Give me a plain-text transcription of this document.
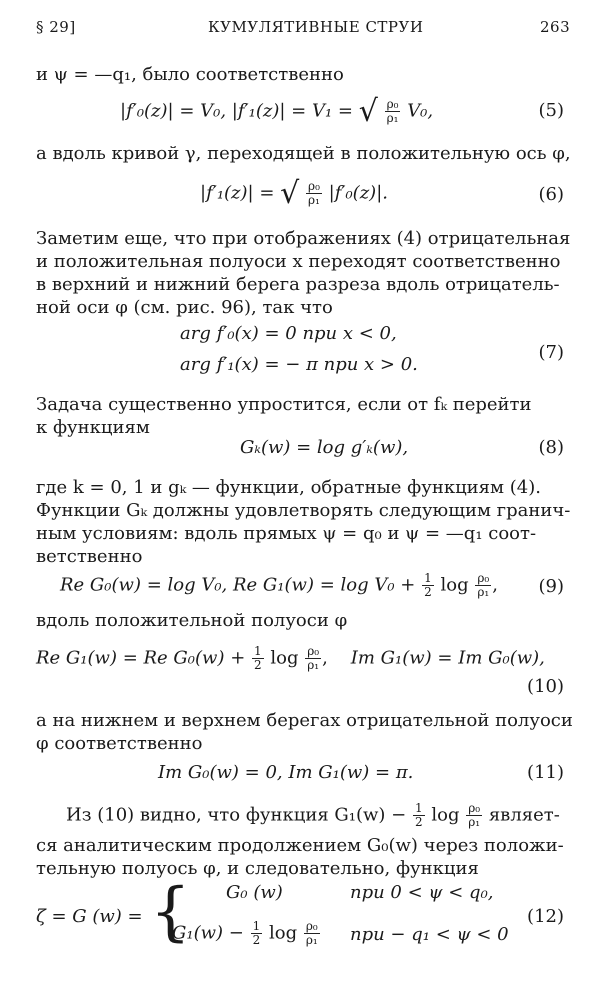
§ 29]	КУМУЛЯТИВНЫЕ СТРУИ	263
и ψ = —q₁, было соответственно
|f′₀(z)| = V₀, |f′₁(z)| = V₁ = √ $\frac{\text{ρ₀}}{\text{ρ₁}} V_0$,	(5)
а вдоль кривой γ, переходящей в положительную ось φ,
|f′₁(z)| = √ $\frac{\text{ρ₀}}{\text{ρ₁}} |f'_0(z)|$.	(6)
Заметим еще, что при отображениях (4) отрицательная
и положительная полуоси x переходят соответственно
в верхний и нижний берега разреза вдоль отрицатель-
ной оси φ (см. рис. 96), так что
arg f′₀(x) = 0 при x < 0,
arg f′₁(x) = − π при x > 0.
(7)
Задача существенно упростится, если от fₖ перейти
к функциям
Gₖ(w) = log g′ₖ(w),	(8)
где k = 0, 1 и gₖ — функции, обратные функциям (4).
Функции Gₖ должны удовлетворять следующим гранич-
ным условиям: вдоль прямых ψ = q₀ и ψ = —q₁ соот-
ветственно
Re G₀(w) = log V₀, Re $G_1(w) = \log V_0 + \frac{1}{2}$ $\log \frac{\text{ρ₀}}{\text{ρ₁}}$ , (9)
вдоль положительной полуоси φ
Re G₁(w) = Re $G_0(w) + \frac{1}{2}$ $\log \frac{\text{ρ₀}}{\text{ρ₁}}$ ,    Im G₁(w) = Im G₀(w),
(10)
а на нижнем и верхнем берегах отрицательной полуоси
φ соответственно
Im G₀(w) = 0, Im G₁(w) = π.	(11)
Из (10) видно, что функция $G_1(w) - \frac{1}{2}$ $\log \frac{\text{ρ₀}}{\text{ρ₁}}$ являет-
ся аналитическим продолжением G₀(w) через положи-
тельную полуось φ, и следовательно, функция
ζ = G (w) = { G₀ (w)	при 0 < ψ < q₀,
$G_1(w) - \frac{1}{2}$ $\log \frac{\text{ρ₀}}{\text{ρ₁}}$ при − q₁ < ψ < 0
(12)
